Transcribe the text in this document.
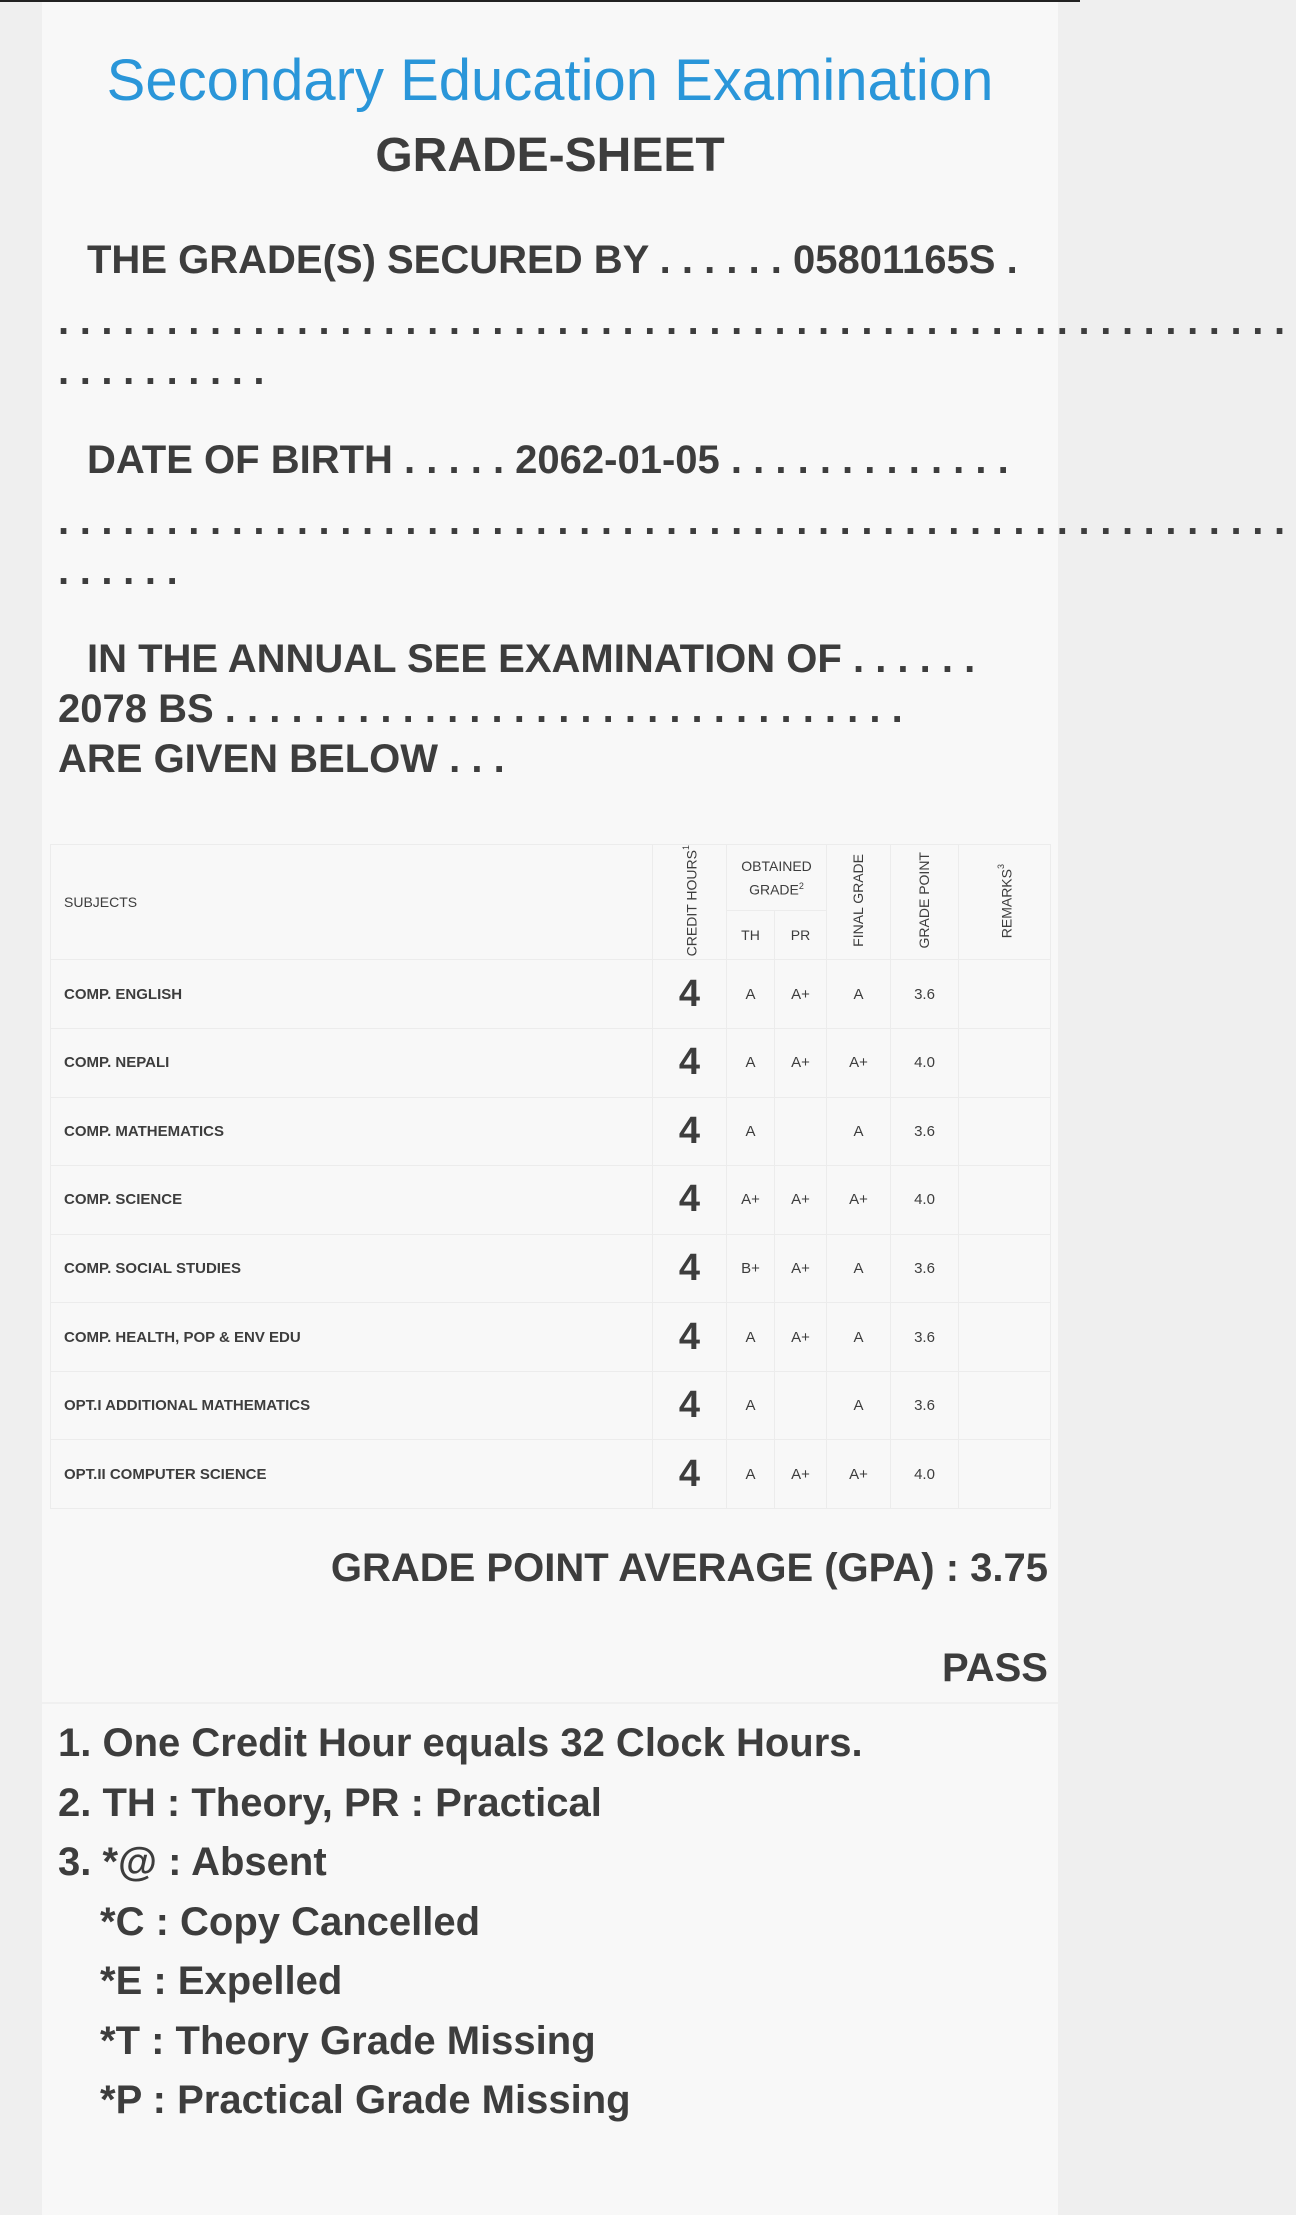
Secondary Education Examination
GRADE-SHEET
THE GRADE(S) SECURED BY . . . . . . 05801165S .
.........................................................
..........
DATE OF BIRTH . . . . . 2062-01-05 . . . . . . . . . . . . .
.........................................................
......
IN THE ANNUAL SEE EXAMINATION OF . . . . . .
2078 BS . . . . . . . . . . . . . . . . . . . . . . . . . . . . . . .
ARE GIVEN BELOW . . .
SUBJECTS	CREDIT HOURS$^1$	OBTAINED GRADE$^2$		FINAL GRADE	GRADE POINT	REMARKS$^3$
		TH	PR			
COMP. ENGLISH	4	A	A+	A	3.6	
COMP. NEPALI	4	A	A+	A+	4.0	
COMP. MATHEMATICS	4	A		A	3.6	
COMP. SCIENCE	4	A+	A+	A+	4.0	
COMP. SOCIAL STUDIES	4	B+	A+	A	3.6	
COMP. HEALTH, POP & ENV EDU	4	A	A+	A	3.6	
OPT.I ADDITIONAL MATHEMATICS	4	A		A	3.6	
OPT.II COMPUTER SCIENCE	4	A	A+	A+	4.0	
GRADE POINT AVERAGE (GPA) : 3.75
PASS
1. One Credit Hour equals 32 Clock Hours.
2. TH : Theory, PR : Practical
3. *@ : Absent
*C : Copy Cancelled
*E : Expelled
*T : Theory Grade Missing
*P : Practical Grade Missing
